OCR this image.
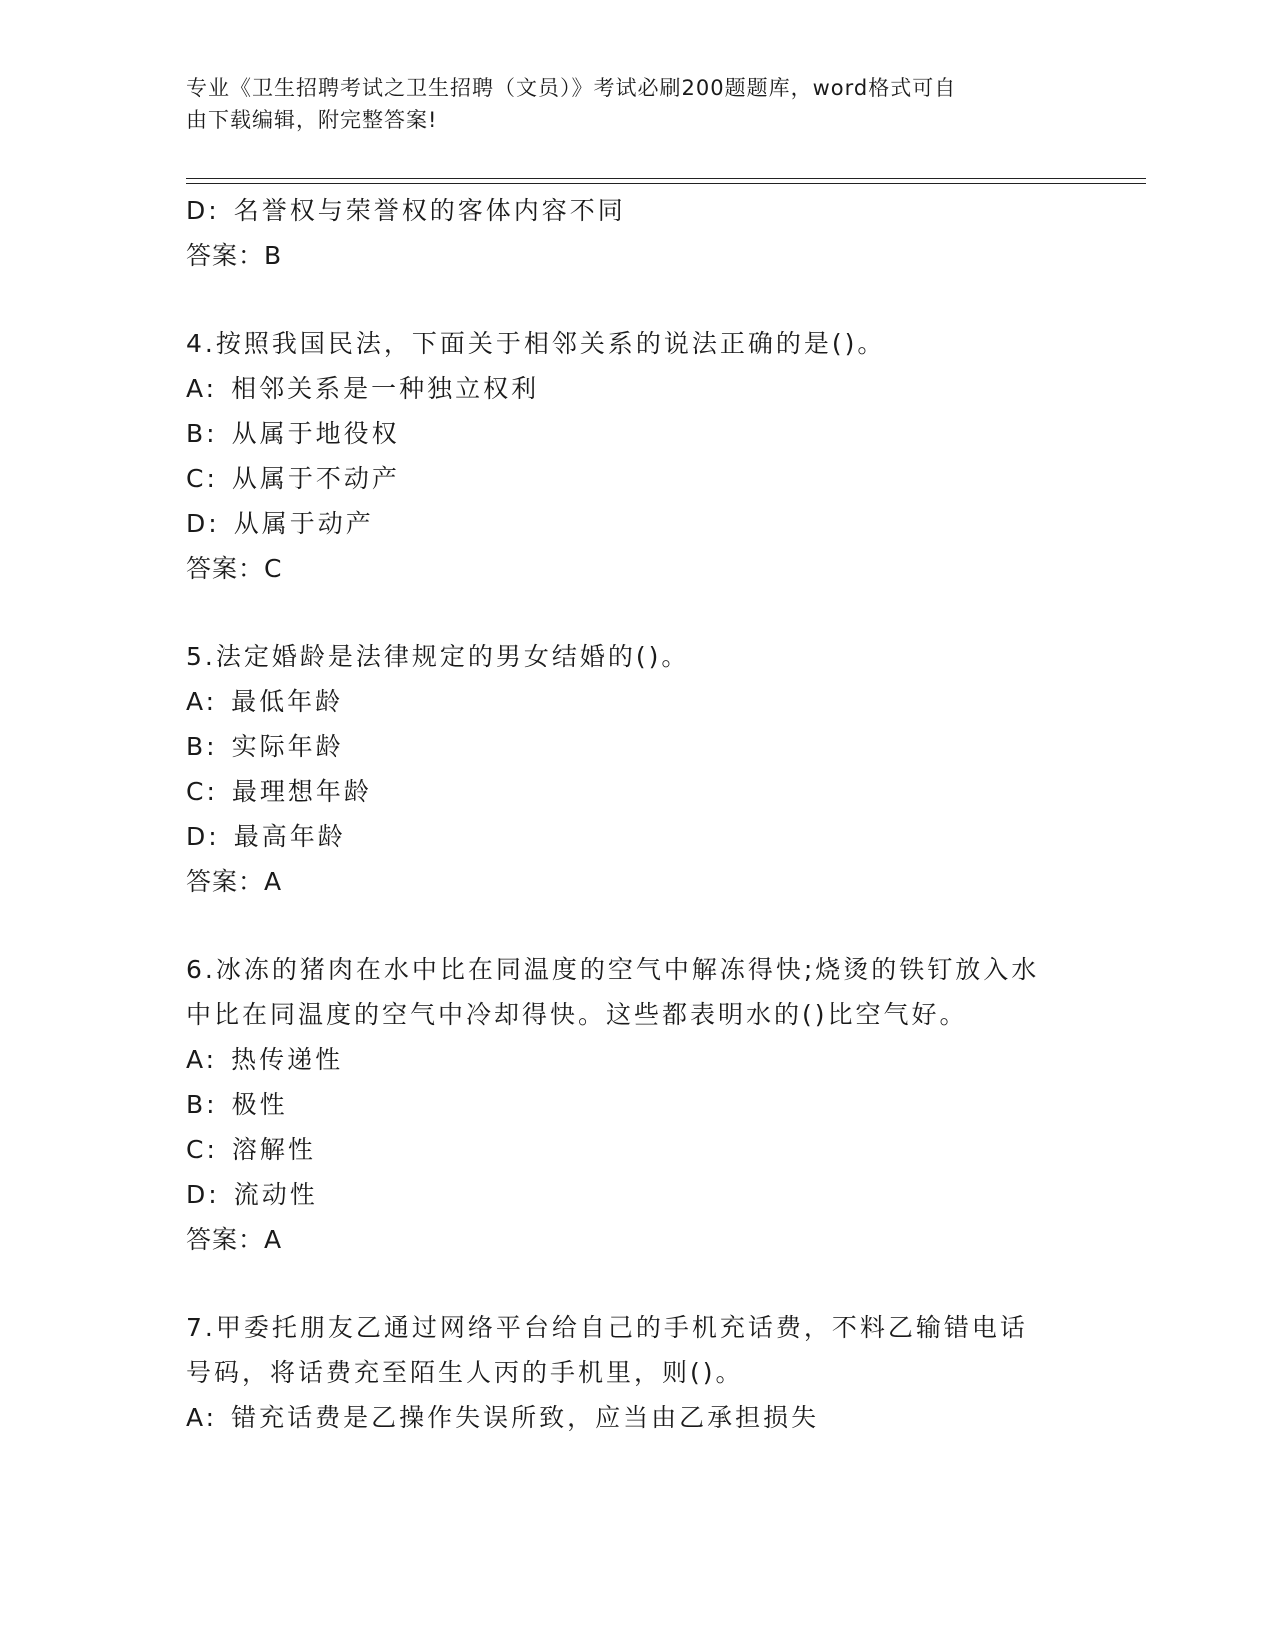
专业《卫生招聘考试之卫生招聘（文员）》考试必刷200题题库，word格式可自
由下载编辑，附完整答案!
D: 名誉权与荣誉权的客体内容不同
答案：B
4.按照我国民法，下面关于相邻关系的说法正确的是()。
A: 相邻关系是一种独立权利
B: 从属于地役权
C: 从属于不动产
D: 从属于动产
答案：C
5.法定婚龄是法律规定的男女结婚的()。
A: 最低年龄
B: 实际年龄
C: 最理想年龄
D: 最高年龄
答案：A
6.冰冻的猪肉在水中比在同温度的空气中解冻得快;烧烫的铁钉放入水
中比在同温度的空气中冷却得快。这些都表明水的()比空气好。
A: 热传递性
B: 极性
C: 溶解性
D: 流动性
答案：A
7.甲委托朋友乙通过网络平台给自己的手机充话费，不料乙输错电话
号码，将话费充至陌生人丙的手机里，则()。
A: 错充话费是乙操作失误所致，应当由乙承担损失
